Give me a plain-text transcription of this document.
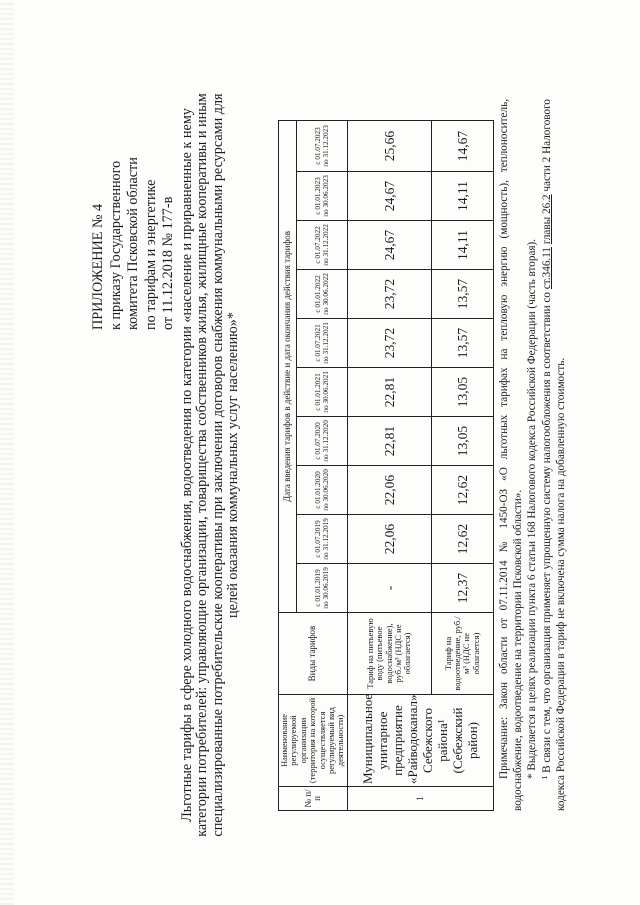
ПРИЛОЖЕНИЕ № 4 к приказу Государственного комитета Псковской области по тарифам и энергетике от 11.12.2018 № 177-в Льготные тарифы в сфере холодного водоснабжения, водоотведения по категории «население и приравненные к нему категории потребителей: управляющие организации, товарищества собственников жилья, жилищные кооперативы и иным специализированные потребительские кооперативы при заключении договоров снабжения коммунальными ресурсами для целей оказания коммунальных услуг населению»*
№ п/п	Наименование регулируемой организации (территория на которой осуществляется регулируемый вид деятельности)	Виды тарифов	Дата введения тарифов в действие и дата окончания действия тарифов									
			с 01.01.2019 по 30.06.2019	с 01.07.2019 по 31.12.2019	с 01.01.2020 по 30.06.2020	с 01.07.2020 по 31.12.2020	с 01.01.2021 по 30.06.2021	с 01.07.2021 по 31.12.2021	с 01.01.2022 по 30.06.2022	с 01.07.2022 по 31.12.2022	с 01.01.2023 по 30.06.2023	с 01.07.2023 по 31.12.2023
1	Муниципальное унитарное предприятие «Райводоканал» Себежского района¹ (Себежский район)	Тариф на питьевую воду (питьевое водоснабжение), руб./м³ (НДС не облагается)	-	22,06	22,06	22,81	22,81	23,72	23,72	24,67	24,67	25,66
		Тариф на водоотведение, руб./м³ (НДС не облагается)	12,37	12,62	12,62	13,05	13,05	13,57	13,57	14,11	14,11	14,67	Примечание: Закон области от 07.11.2014 № 1450-ОЗ «О льготных тарифах на тепловую энергию (мощность), теплоноситель, водоснабжение, водоотведение на территории Псковской области». * Выделяется в целях реализации пункта 6 статьи 168 Налогового кодекса Российской Федерации (часть вторая). ¹ В связи с тем, что организация применяет упрощенную систему налогообложения в соответствии со ст.346.11 главы 26.2 части 2 Налогового кодекса Российской Федерации в тариф не включена сумма налога на добавленную стоимость.
